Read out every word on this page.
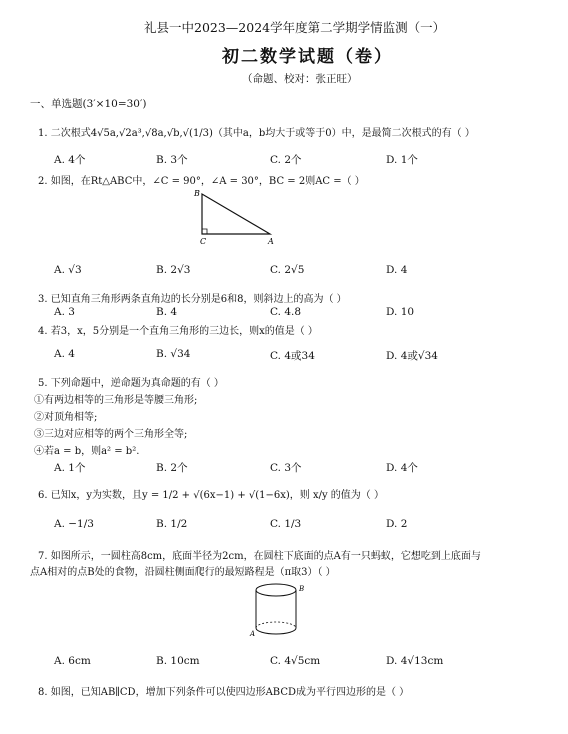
礼县一中2023—2024学年度第二学期学情监测（一）
初二数学试题（卷）
（命题、校对：张正旺）
一、单选题(3′×10=30′)
1. 二次根式4√5a,√2a³,√8a,√b,√(1/3)（其中a，b均大于或等于0）中，是最简二次根式的有（ ）
A. 4个	B. 3个	C. 2个	D. 1个
2. 如图，在Rt△ABC中，∠C = 90°，∠A = 30°，BC = 2则AC =（ ）
B
C	A
A. √3	B. 2√3	C. 2√5	D. 4
3. 已知直角三角形两条直角边的长分别是6和8，则斜边上的高为（ ）
A. 3	B. 4	C. 4.8	D. 10
4. 若3，x，5分别是一个直角三角形的三边长，则x的值是（ ）
A. 4	B. √34	C. 4或34	D. 4或√34
5. 下列命题中，逆命题为真命题的有（ ）
①有两边相等的三角形是等腰三角形;
②对顶角相等;
③三边对应相等的两个三角形全等;
④若a = b，则a² = b².
A. 1个	B. 2个	C. 3个	D. 4个
6. 已知x，y为实数，且y = 1/2 + √(6x−1) + √(1−6x)，则 x/y 的值为（ ）
A. −1/3	B. 1/2	C. 1/3	D. 2
7. 如图所示，一圆柱高8cm，底面半径为2cm，在圆柱下底面的点A有一只蚂蚁，它想吃到上底面与
点A相对的点B处的食物，沿圆柱侧面爬行的最短路程是（π取3）（ ）
B
A
A. 6cm	B. 10cm	C. 4√5cm	D. 4√13cm
8. 如图，已知AB∥CD，增加下列条件可以使四边形ABCD成为平行四边形的是（ ）
